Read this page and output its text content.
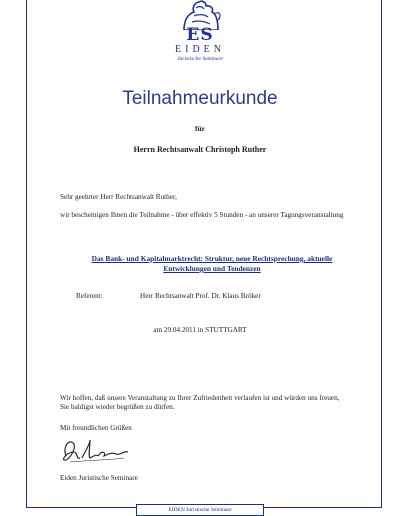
ES
EIDEN
Juristische Seminare
Teilnahmeurkunde
für
Herrn Rechtsanwalt Christoph Ruther
Sehr geehrter Herr Rechtsanwalt Ruther,
wir bescheinigen Ihnen die Teilnahme - über effektiv 5 Stunden - an unserer Tagungsveranstaltung
Das Bank- und Kapitalmarktrecht: Struktur, neue Rechtsprechung, aktuelle Entwicklungen und Tendenzen
Referent:	Herr Rechtsanwalt Prof. Dr. Klaus Bröker
am 29.04.2011 in STUTTGART
Wir hoffen, daß unsere Veranstaltung zu Ihrer Zufriedenheit verlaufen ist und würden uns freuen, Sie baldigst wieder begrüßen zu dürfen.
Mit freundlichen Grüßen
Eiden Juristische Seminare
EIDEN Juristische Seminare
